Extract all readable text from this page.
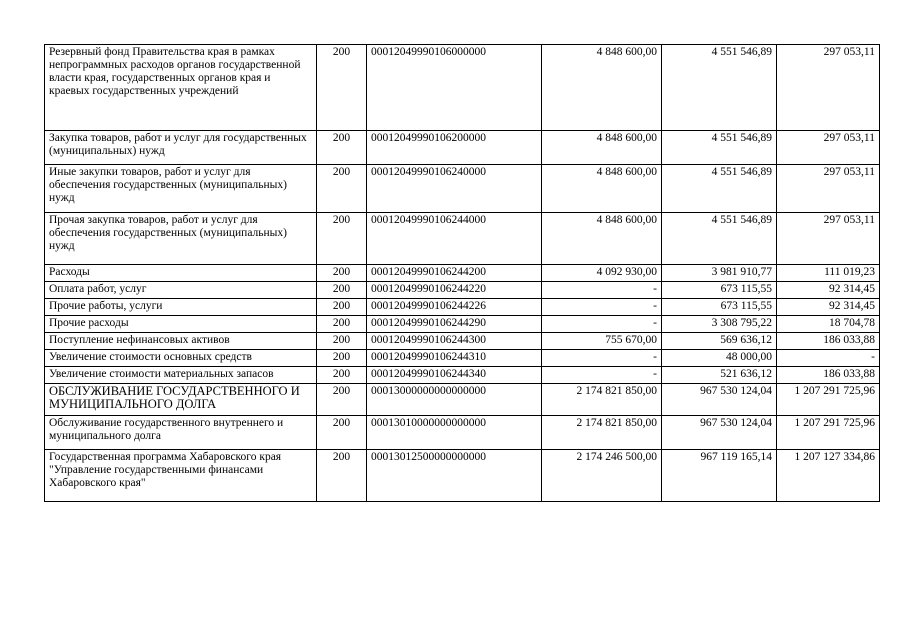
Резервный фонд Правительства края в рамках непрограммных расходов органов государственной власти края, государственных органов края и краевых государственных учреждений	200	00012049990106000000	4 848 600,00	4 551 546,89	297 053,11
Закупка товаров, работ и услуг для государственных (муниципальных) нужд	200	00012049990106200000	4 848 600,00	4 551 546,89	297 053,11
Иные закупки товаров, работ и услуг для обеспечения государственных (муниципальных) нужд	200	00012049990106240000	4 848 600,00	4 551 546,89	297 053,11
Прочая закупка товаров, работ и услуг для обеспечения государственных (муниципальных) нужд	200	00012049990106244000	4 848 600,00	4 551 546,89	297 053,11
Расходы	200	00012049990106244200	4 092 930,00	3 981 910,77	111 019,23
Оплата работ, услуг	200	00012049990106244220	-	673 115,55	92 314,45
Прочие работы, услуги	200	00012049990106244226	-	673 115,55	92 314,45
Прочие расходы	200	00012049990106244290	-	3 308 795,22	18 704,78
Поступление нефинансовых активов	200	00012049990106244300	755 670,00	569 636,12	186 033,88
Увеличение стоимости основных средств	200	00012049990106244310	-	48 000,00	-
Увеличение стоимости материальных запасов	200	00012049990106244340	-	521 636,12	186 033,88
ОБСЛУЖИВАНИЕ ГОСУДАРСТВЕННОГО И МУНИЦИПАЛЬНОГО ДОЛГА	200	00013000000000000000	2 174 821 850,00	967 530 124,04	1 207 291 725,96
Обслуживание государственного внутреннего и муниципального долга	200	00013010000000000000	2 174 821 850,00	967 530 124,04	1 207 291 725,96
Государственная программа Хабаровского края "Управление государственными финансами Хабаровского края"	200	00013012500000000000	2 174 246 500,00	967 119 165,14	1 207 127 334,86
